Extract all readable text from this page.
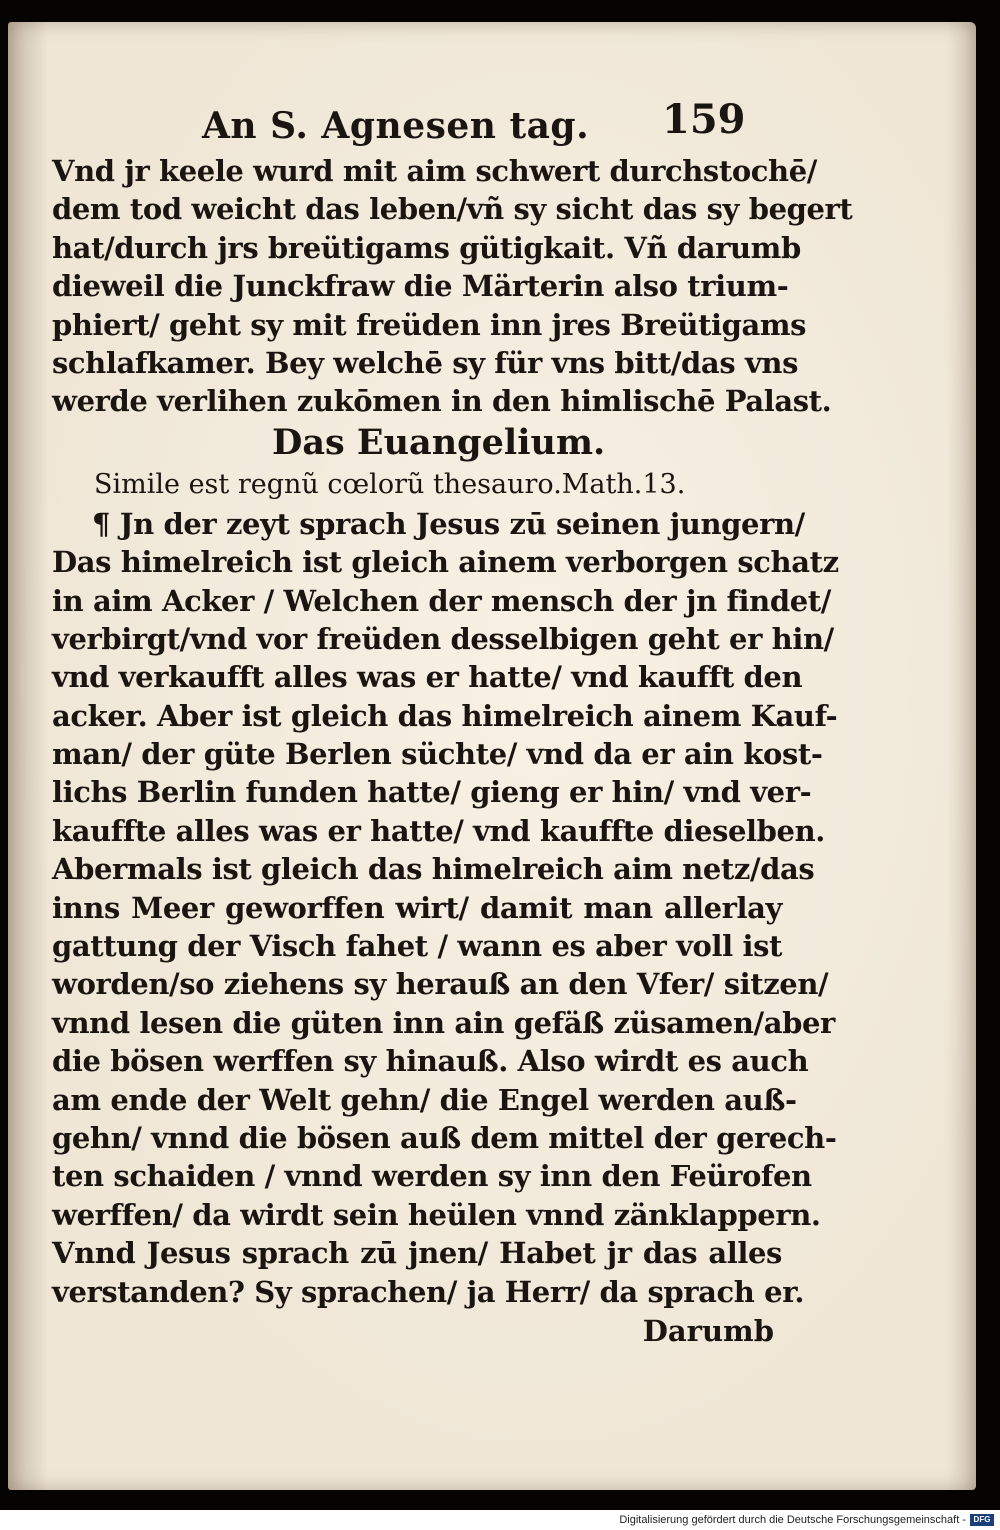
An S. Agnesen tag. 159
Vnd jr keele wurd mit aim schwert durchstochē/
dem tod weicht das leben/vñ sy sicht das sy begert
hat/durch jrs breütigams gütigkait. Vñ darumb
dieweil die Junckfraw die Märterin also trium-
phiert/ geht sy mit freüden inn jres Breütigams
schlafkamer. Bey welchē sy für vns bitt/das vns
werde verlihen zukōmen in den himlischē Palast.
Das Euangelium.
Simile est regnũ cœlorũ thesauro.Math.13.
¶ Jn der zeyt sprach Jesus zū seinen jungern/
Das himelreich ist gleich ainem verborgen schatz
in aim Acker / Welchen der mensch der jn findet/
verbirgt/vnd vor freüden desselbigen geht er hin/
vnd verkaufft alles was er hatte/ vnd kaufft den
acker. Aber ist gleich das himelreich ainem Kauf-
man/ der güte Berlen süchte/ vnd da er ain kost-
lichs Berlin funden hatte/ gieng er hin/ vnd ver-
kauffte alles was er hatte/ vnd kauffte dieselben.
Abermals ist gleich das himelreich aim netz/das
inns Meer geworffen wirt/ damit man allerlay
gattung der Visch fahet / wann es aber voll ist
worden/so ziehens sy herauß an den Vfer/ sitzen/
vnnd lesen die güten inn ain gefäß züsamen/aber
die bösen werffen sy hinauß. Also wirdt es auch
am ende der Welt gehn/ die Engel werden auß-
gehn/ vnnd die bösen auß dem mittel der gerech-
ten schaiden / vnnd werden sy inn den Feürofen
werffen/ da wirdt sein heülen vnnd zänklappern.
Vnnd Jesus sprach zū jnen/ Habet jr das alles
verstanden? Sy sprachen/ ja Herr/ da sprach er.
Darumb
Digitalisierung gefördert durch die Deutsche Forschungsgemeinschaft - DFG
